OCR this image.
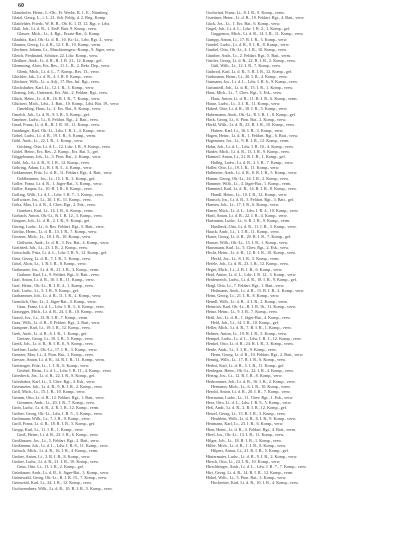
60
Glanzhofer, Heinr., L.-Ob., Fr. Werke, B. 1. E., Nürnberg
Glatzl, Georg, L., i. L. 21. Sch. Feldg. d. 2. Brig. Komp.
Glattfelder, Friedr., W. B. B., Ob. K. 1. D. 12. Rgt. v. Ldst.
Glaß, Joh., Lt. d. R., 1. ErsF. Batt. 9. Komp., verw.
Glasser, Mich., Lt., 4. Rgt., Ersatz-Bat., 6. Komp.
Glaubitz, Karl, Ob.-Lt. d. R., 10. Kr.-Lt., Ldw. Rgt. 3., verw.
Glauner, Georg, Lt. d. R., 12. I. R., 10. Komp., verm.
Glechner, Johann, Lt., Maschinengew.-Komp., 9. Jäger, verw.
Gleich, Ferdinand, Schütze, 22. Ldw. Komp., verw.
Gleißner, Andr., Lt. d. R., R. I. R. 21., 12. Komp., gef.
Glemming, Alois, Ers. Res., 11. L. R., 2. Rekr. Dep., verw.
Glenk, Mich., Lt. d. L., 7. Komp., Res. 13., verw.
Glöckler, Jak., Lt. d. R., 4. I. R. 8. Komp., verw.
Glöckner, Wilh., Lt. u. Adj., 17. Res. Inf. Rgt., verw.
Glockshuber, Karl, Lt., 12. I. R., 3. Komp., verw.
Gloning, Joh., Unterarzt, Ers. Abt., 2. Feldart. Rgt., verw.
Glück, Heinr., Lt. d. R., 16. R. I. R., 7. Komp., verw.
Glückert, Mich., Ldst., 3. Batt., 10. Komp., Ldst. Bat. 19., verw.
Gmehling, Hans, Lt., 2. Ers. Bat., 8. Komp., verw.
Gmelch, Joh., Lt. d. R., 9. I. R., 5. Komp., gef.
Gmeiner, Ludw., Lt., 6. Feldart. Rgt., 2. Batt., verw.
Gnad, Franz, Lt. d. R., R. I. R. 10., 11. Komp., verw.
Gnädinger, Karl, Ob.-Lt., Ldw. I. R. 2., 4. Komp., verw.
Göbel, Ludw., Lt. d. R., 19. I. R., 6. Komp., verm.
Göbl, Andr., Lt., 22. I. R., 1. Komp., verw.
Göcking, Otto, Lt. d. L., 12. Ldw. I. R., 9. Komp., verw.
Gödel, Heinr., Ers. Res., 2. Komp., Ers. Bat. 5., gef.
Göggelmann, Joh., Lt., 3. Pion. Bat., 2. Komp., verw.
Göhl, Joh., Lt. d. R., 8. I. R., 12. Komp., verw.
Göhring, Adam, Lt., R. I. R. 5., 4. Komp., verw.
Goldammer, Fritz, Lt. d. R., 11. Feldart. Rgt., 4. Batt., verw.
Goldbrunner, Jos., Lt., 15. I. R., 2. Komp., gef.
Goller, Franz, Lt. d. R., 1. Jäger-Bat., 3. Komp., verw.
Göller, Kaspar, Lt., 10. R. I. R., 8. Komp., verw.
Golling, Wilh., Lt. d. L., Ldw. I. R. 7., 1. Komp., verw.
Gollwitzer, Jos., Lt., 20. I. R., 11. Komp., verw.
Goltz, Max, Lt. d. R., 4. Chev. Rgt., 2. Esk., verw.
Gombert, Karl, Lt., 14. I. R., 6. Komp., verm.
Gorbach, Anton, Ob.-Lt., R. I. R. 12., 3. Komp., verw.
Görgner, Joh., Lt. d. R., 2. I. R., 9. Komp., gef.
Göring, Ludw., Lt., 6. Res. Feldart. Rgt., 5. Batt., verw.
Görlitz, Herm., Lt. d. R., 13. I. R., 7. Komp., verw.
Gossner, Mich., Lt., 18. I. R., 10. Komp., verw.
Gößwein, Andr., Lt. d. R., 3. Ers. Bat., 4. Komp., verw.
Gottfried, Joh., Lt., 23. I. R., 2. Komp., verw.
Gottschalk, Fritz, Lt. d. L., Ldw. I. R. 9., 12. Komp., gef.
Götz, Georg, Lt. d. R., 7. I. R., 5. Komp., verw.
Götzl, Alois, Lt., 1. R. I. R., 8. Komp., verw.
Grabmaier, Jos., Lt. d. R., 21. I. R., 3. Komp., verm.
Grabner, Karl, Lt., 9. Feldart. Rgt., 6. Batt., verw.
Graf, Anton, Lt. d. R., 16. I. R., 11. Komp., verw.
Graf, Heinr., Ob.-Lt., R. I. R. 4., 1. Komp., verw.
Gräf, Ludw., Lt., 5. I. R., 9. Komp., gef.
Grahammer, Joh., Lt. d. R., 11. I. R., 2. Komp., verw.
Gramlich, Otto, Lt., 2. Jäger-Bat., 4. Komp., verw.
Gran, Franz, Lt. d. L., Ldw. I. R. 3., 6. Komp., verw.
Grasegger, Mich., Lt. d. R., 24. I. R., 10. Komp., verw.
Grassl, Jos., Lt., 13. R. I. R., 7. Komp., verm.
Grau, Wilh., Lt. d. R., 8. Feldart. Rgt., 3. Batt., verw.
Graupner, Karl, Lt., 19. I. R., 12. Komp., verw.
Greb, Andr., Lt. d. R., 6. I. R., 1. Komp., gef.
Greiner, Georg, Lt., 10. I. R., 5. Komp., verw.
Greiß, Joh., Lt. d. R., R. I. R. 8., 9. Komp., verw.
Grellner, Ludw., Ob.-Lt., 17. I. R., 3. Komp., verw.
Grenzer, Max, Lt., 4. Pion. Bat., 1. Komp., verw.
Gresser, Anton, Lt. d. R., 14. R. I. R., 11. Komp., verm.
Gretzinger, Fritz, Lt., 1. I. R., 6. Komp., verw.
Griebel, Heinr., Lt. d. L., Ldw. I. R. 11., 4. Komp., verw.
Griesbeck, Jos., Lt. d. R., 22. I. R., 8. Komp., gef.
Grieshaber, Karl, Lt., 3. Chev. Rgt., 4. Esk., verw.
Griesmeier, Joh., Lt. d. R., 9. R. I. R., 2. Komp., verw.
Grill, Mich., Lt., 15. I. R., 10. Komp., verw.
Grimm, Otto, Lt. d. R., 12. Feldart. Rgt., 1. Batt., verw.
Grimmer, Andr., Lt., 20. I. R., 7. Komp., verw.
Grob, Ludw., Lt. d. R., 2. R. I. R., 12. Komp., verm.
Gröber, Georg, Ob.-Lt., Ldw. I. R. 5., 3. Komp., verw.
Grohmann, Wilh., Lt., 7. I. R., 9. Komp., verw.
Groll, Franz, Lt. d. R., 18. R. I. R., 5. Komp., gef.
Gropp, Karl, Lt., 11. I. R., 1. Komp., verw.
Groß, Heinr., Lt. d. R., 23. I. R., 6. Komp., verw.
Großhauser, Jos., Lt., 5. Feldart. Rgt., 2. Batt., verw.
Großmann, Joh., Lt. d. L., Ldw. I. R. 8., 11. Komp., verw.
Grötsch, Mich., Lt. d. R., 16. I. R., 4. Komp., verm.
Gruber, Anton, Lt., 3. R. I. R., 8. Komp., verw.
Gruber, Ludw., Lt. d. R., 21. I. R., 10. Komp., verw.
Grün, Otto, Lt., 13. I. R., 2. Komp., gef.
Grünbauer, Andr., Lt. d. R., 6. Jäger-Bat., 3. Komp., verw.
Grünewald, Georg, Ob.-Lt., R. I. R. 15., 7. Komp., verw.
Grünwald, Karl, Lt., 24. I. R., 12. Komp., verw.
Gschwendtner, Wilh., Lt. d. R., 10. R. I. R., 5. Komp., verw.
Gschwind, Franz, Lt., 8. I. R., 9. Komp., verm.
Gstettner, Heinr., Lt. d. R., 19. Feldart. Rgt., 4. Batt., verw.
Gück, Jos., Lt., 1. Ers. Bat., 6. Komp., verw.
Gugel, Joh., Lt. d. L., Ldw. I. R. 2., 1. Komp., gef.
Guggemos, Mich., Lt. d. R., 14. I. R., 11. Komp., verw.
Gumpp, Anton, Lt., 17. R. I. R., 3. Komp., verw.
Gundel, Ludw., Lt. d. R., 9. I. R., 8. Komp., verw.
Gunkel, Otto, Ob.-Lt., 4. I. R., 10. Komp., verw.
Günther, Andr., Lt., 2. Feldart. Rgt., 5. Batt., verm.
Gürtler, Georg, Lt. d. R., 22. R. I. R., 2. Komp., verw.
Güß, Wilh., Lt., 12. I. R., 7. Komp., verw.
Gutbrod, Karl, Lt. d. R., 5. R. I. R., 12. Komp., gef.
Guthmann, Heinr., Lt., 20. I. R., 4. Komp., verw.
Gutmann, Jos., Lt. d. L., Ldw. I. R. 6., 9. Komp., verw.
Gutsmiedl, Joh., Lt. d. R., 15. I. R., 1. Komp., verw.
Haas, Mich., Lt., 7. Chev. Rgt., 3. Esk., verw.
Haas, Anton, Lt. d. R., 11. R. I. R., 6. Komp., verm.
Haase, Ludw., Lt., 3. I. R., 11. Komp., verw.
Haberl, Otto, Lt. d. R., 18. I. R., 5. Komp., verw.
Habermann, Andr., Ob.-Lt., R. I. R. 1., 8. Komp., gef.
Hack, Georg, Lt., 6. Pion. Bat., 2. Komp., verw.
Häckl, Wilh., Lt. d. R., 23. R. I. R., 10. Komp., verw.
Hafner, Karl, Lt., 16. I. R., 3. Komp., verw.
Hagen, Heinr., Lt. d. R., 1. Feldart. Rgt., 6. Batt., verw.
Hagenauer, Jos., Lt., 9. R. I. R., 12. Komp., verm.
Hahn, Joh., Lt. d. L., Ldw. I. R. 10., 4. Komp., verw.
Haider, Mich., Lt. d. R., 13. I. R., 9. Komp., verw.
Haimerl, Anton, Lt., 21. R. I. R., 1. Komp., gef.
Halbig, Ludw., Lt. d. R., 2. I. R., 7. Komp., verw.
Haller, Otto, Lt., 19. I. R., 11. Komp., verw.
Hallmeier, Andr., Lt. d. R., 8. R. I. R., 5. Komp., verw.
Hamm, Georg, Ob.-Lt., 24. I. R., 2. Komp., verw.
Hammer, Wilh., Lt., 4. Jäger-Bat., 1. Komp., verm.
Hammerl, Karl, Lt. d. R., 14. R. I. R., 8. Komp., verw.
Handl, Heinr., Lt., 10. I. R., 12. Komp., verw.
Hanisch, Jos., Lt. d. R., 3. Feldart. Rgt., 3. Batt., gef.
Hansen, Joh., Lt., 17. I. R., 6. Komp., verw.
Harrer, Mich., Lt. d. L., Ldw. I. R. 4., 10. Komp., verw.
Hartl, Anton, Lt. d. R., 22. I. R., 4. Komp., verw.
Hartmann, Ludw., Lt., 6. R. I. R., 9. Komp., verm.
Haslbeck, Otto, Lt. d. R., 11. I. R., 3. Komp., verw.
Hauck, Andr., Lt., 1. I. R., 11. Komp., verw.
Hauer, Georg, Lt. d. R., 20. R. I. R., 7. Komp., gef.
Hauser, Wilh., Ob.-Lt., 15. I. R., 1. Komp., verw.
Hausmann, Karl, Lt., 5. Chev. Rgt., 2. Esk., verw.
Hecht, Heinr., Lt. d. R., 12. R. I. R., 10. Komp., verw.
Heckl, Jos., Lt., 8. I. R., 5. Komp., verm.
Hefele, Joh., Lt. d. R., 23. I. R., 12. Komp., verw.
Heger, Mich., Lt., 2. R. I. R., 6. Komp., verw.
Heid, Anton, Lt. d. L., Ldw. I. R. 12., 3. Komp., verw.
Heidenreich, Ludw., Lt. d. R., 18. I. R., 9. Komp., gef.
Heigl, Otto, Lt., 7. Feldart. Rgt., 1. Batt., verw.
Heilmann, Andr., Lt. d. R., 13. R. I. R., 4. Komp., verw.
Heim, Georg, Lt., 21. I. R., 8. Komp., verw.
Heindl, Wilh., Lt. d. R., 4. I. R., 2. Komp., verm.
Heinrich, Karl, Ob.-Lt., R. I. R. 16., 11. Komp., verw.
Heinz, Heinr., Lt., 9. I. R., 7. Komp., verw.
Heiß, Jos., Lt. d. R., 1. Jäger-Bat., 4. Komp., verw.
Held, Joh., Lt., 14. I. R., 10. Komp., gef.
Heller, Mich., Lt. d. R., 7. R. I. R., 1. Komp., verw.
Helmer, Anton, Lt., 19. R. I. R., 5. Komp., verw.
Hempel, Ludw., Lt. d. L., Ldw. I. R. 1., 12. Komp., verw.
Henkel, Otto, Lt. d. R., 24. R. I. R., 3. Komp., verm.
Henle, Andr., Lt., 3. I. R., 9. Komp., verw.
Henn, Georg, Lt. d. R., 10. Feldart. Rgt., 2. Batt., verw.
Hennig, Wilh., Lt., 17. R. I. R., 6. Komp., verw.
Herbst, Karl, Lt. d. R., 5. I. R., 11. Komp., gef.
Herdegen, Heinr., Ob.-Lt., 22. I. R., 4. Komp., verw.
Hering, Jos., Lt., 12. R. I. R., 8. Komp., verw.
Herkommer, Joh., Lt. d. R., 16. I. R., 2. Komp., verw.
Hermann, Mich., Lt., 6. I. R., 10. Komp., verm.
Herold, Anton, Lt. d. R., 20. I. R., 7. Komp., verw.
Herrmann, Ludw., Lt., 11. Chev. Rgt., 1. Esk., verw.
Herz, Otto, Lt. d. L., Ldw. I. R. 9., 5. Komp., verw.
Heß, Andr., Lt. d. R., 2. R. I. R., 12. Komp., gef.
Hetzel, Georg, Lt., 15. R. I. R., 3. Komp., verw.
Heublein, Wilh., Lt. d. R., 8. I. R., 9. Komp., verw.
Heumann, Karl, Lt., 23. I. R., 6. Komp., verw.
Hien, Heinr., Lt. d. R., 4. Feldart. Rgt., 4. Batt., verm.
Hierl, Jos., Ob.-Lt., 13. I. R., 11. Komp., verw.
Hilger, Joh., Lt., 18. R. I. R., 1. Komp., verw.
Hiller, Mich., Lt. d. R., 1. I. R., 8. Komp., verw.
Hilpert, Anton, Lt., 21. R. I. R., 5. Komp., gef.
Hintermaier, Ludw., Lt. d. R., 9. I. R., 2. Komp., verw.
Hirsch, Otto, Lt., 24. I. R., 10. Komp., verw.
Hirschberger, Andr., Lt. d. L., Ldw. I. R. 7., 7. Komp., verw.
Hirt, Georg, Lt. d. R., 14. R. I. R., 12. Komp., verm.
Höbel, Wilh., Lt., 5. Pion. Bat., 3. Komp., verw.
Hochreiter, Karl, Lt. d. R., 10. I. R., 4. Komp., verw.
